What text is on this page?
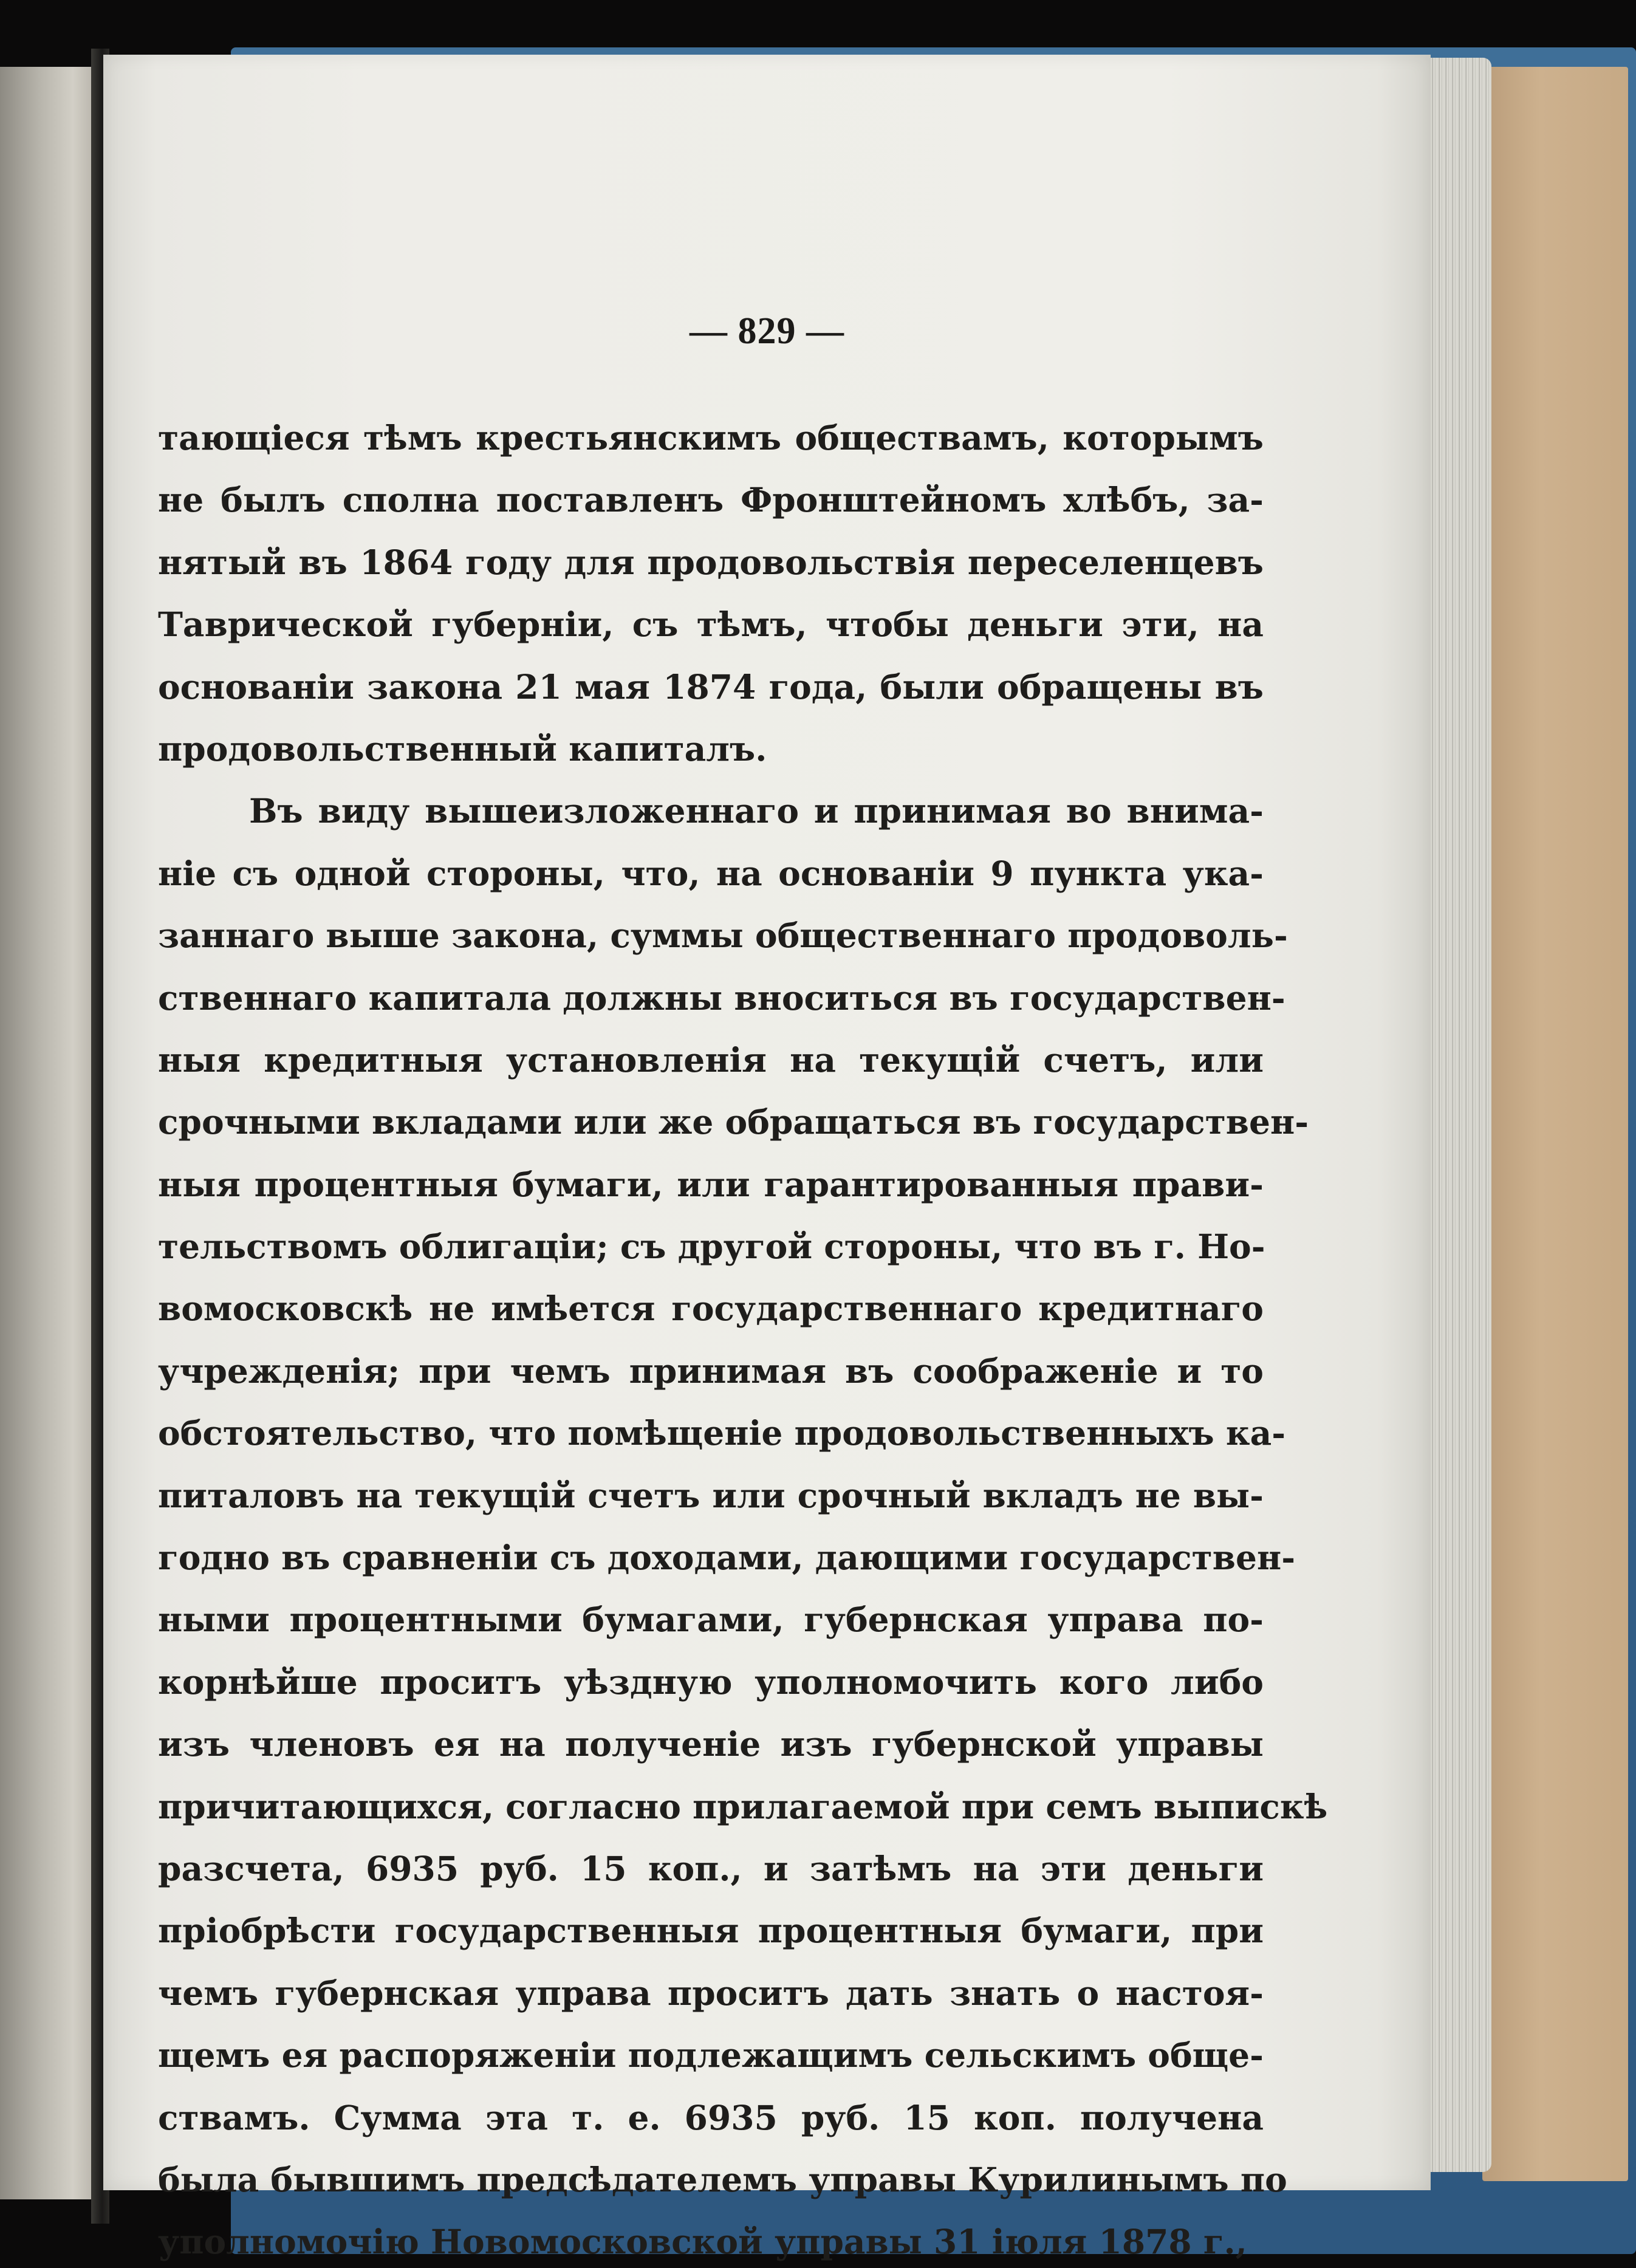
— 829 —
тающіеся тѣмъ крестьянскимъ обществамъ, которымъ
не былъ сполна поставленъ Фронштейномъ хлѣбъ, за-
нятый въ 1864 году для продовольствія переселенцевъ
Таврической губерніи, съ тѣмъ, чтобы деньги эти, на
основаніи закона 21 мая 1874 года, были обращены въ
продовольственный капиталъ.
Въ виду вышеизложеннаго и принимая во внима-
ніе съ одной стороны, что, на основаніи 9 пункта ука-
заннаго выше закона, суммы общественнаго продоволь-
ственнаго капитала должны вноситься въ государствен-
ныя кредитныя установленія на текущій счетъ, или
срочными вкладами или же обращаться въ государствен-
ныя процентныя бумаги, или гарантированныя прави-
тельствомъ облигаціи; съ другой стороны, что въ г. Но-
вомосковскѣ не имѣется государственнаго кредитнаго
учрежденія; при чемъ принимая въ соображеніе и то
обстоятельство, что помѣщеніе продовольственныхъ ка-
питаловъ на текущій счетъ или срочный вкладъ не вы-
годно въ сравненіи съ доходами, дающими государствен-
ными процентными бумагами, губернская управа по-
корнѣйше проситъ уѣздную уполномочить кого либо
изъ членовъ ея на полученіе изъ губернской управы
причитающихся, согласно прилагаемой при семъ выпискѣ
разсчета, 6935 руб. 15 коп., и затѣмъ на эти деньги
пріобрѣсти государственныя процентныя бумаги, при
чемъ губернская управа проситъ дать знать о настоя-
щемъ ея распоряженіи подлежащимъ сельскимъ обще-
ствамъ. Сумма эта т. е. 6935 руб. 15 коп. получена
была бывшимъ предсѣдателемъ управы Курилинымъ по
уполномочію Новомосковской управы 31 іюля 1878 г.,
